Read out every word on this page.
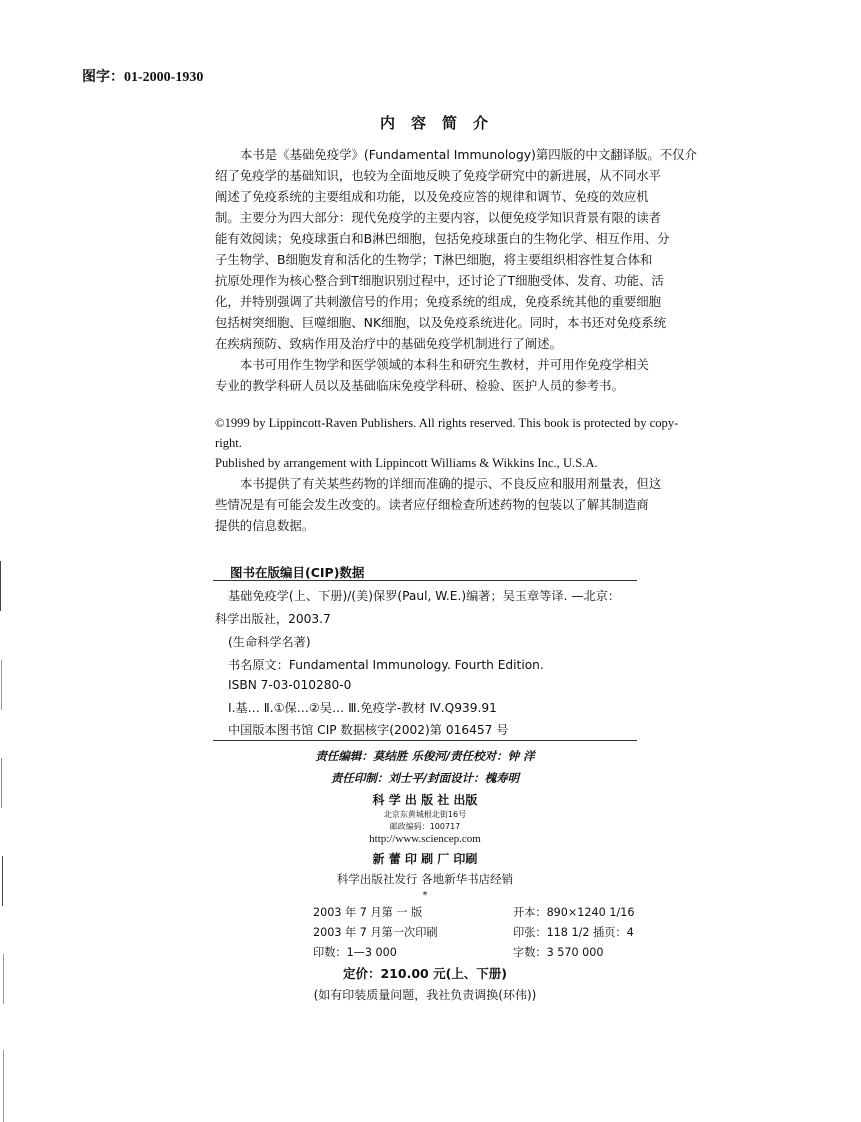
图字：01-2000-1930
内容简介
本书是《基础免疫学》(Fundamental Immunology)第四版的中文翻译版。不仅介
绍了免疫学的基础知识，也较为全面地反映了免疫学研究中的新进展，从不同水平
阐述了免疫系统的主要组成和功能，以及免疫应答的规律和调节、免疫的效应机
制。主要分为四大部分：现代免疫学的主要内容，以便免疫学知识背景有限的读者
能有效阅读；免疫球蛋白和B淋巴细胞，包括免疫球蛋白的生物化学、相互作用、分
子生物学、B细胞发育和活化的生物学；T淋巴细胞，将主要组织相容性复合体和
抗原处理作为核心整合到T细胞识别过程中，还讨论了T细胞受体、发育、功能、活
化，并特别强调了共刺激信号的作用；免疫系统的组成，免疫系统其他的重要细胞
包括树突细胞、巨噬细胞、NK细胞，以及免疫系统进化。同时，本书还对免疫系统
在疾病预防、致病作用及治疗中的基础免疫学机制进行了阐述。
本书可用作生物学和医学领域的本科生和研究生教材，并可用作免疫学相关
专业的教学科研人员以及基础临床免疫学科研、检验、医护人员的参考书。
©1999 by Lippincott-Raven Publishers. All rights reserved. This book is protected by copy-
right.
Published by arrangement with Lippincott Williams & Wikkins Inc., U.S.A.
本书提供了有关某些药物的详细而准确的提示、不良反应和服用剂量表，但这
些情况是有可能会发生改变的。读者应仔细检查所述药物的包装以了解其制造商
提供的信息数据。
图书在版编目(CIP)数据
基础免疫学(上、下册)/(美)保罗(Paul, W.E.)编著；吴玉章等译. —北京：
科学出版社，2003.7
(生命科学名著)
书名原文：Fundamental Immunology. Fourth Edition.
ISBN 7-03-010280-0
Ⅰ.基… Ⅱ.①保…②吴… Ⅲ.免疫学-教材 Ⅳ.Q939.91
中国版本图书馆 CIP 数据核字(2002)第 016457 号
责任编辑：莫结胜 乐俊河/责任校对：钟 洋
责任印制：刘士平/封面设计：槐寿明
科 学 出 版 社 出版
北京东黄城根北街16号
邮政编码：100717
http://www.sciencep.com
新 蕾 印 刷 厂 印刷
科学出版社发行 各地新华书店经销
*
2003 年 7 月第 一 版	开本：890×1240 1/16
2003 年 7 月第一次印刷	印张：118 1/2 插页：4
印数：1—3 000	字数：3 570 000
定价：210.00 元(上、下册)
(如有印装质量问题，我社负责调换(环伟))
